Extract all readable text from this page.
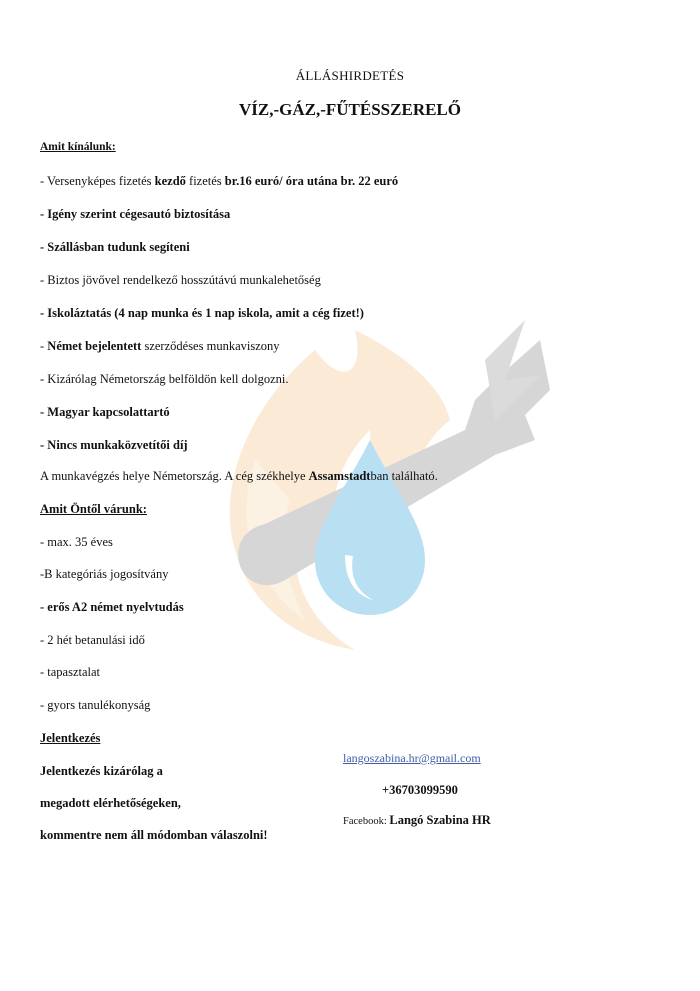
ÁLLÁSHIRDETÉS
VÍZ,-GÁZ,-FŰTÉSSZERELŐ
Amit kínálunk:
- Versenyképes fizetés kezdő fizetés br.16 euró/ óra utána br. 22 euró
- Igény szerint cégesautó biztosítása
- Szállásban tudunk segíteni
- Biztos jövővel rendelkező hosszútávú munkalehetőség
- Iskoláztatás (4 nap munka és 1 nap iskola, amit a cég fizet!)
- Német bejelentett szerződéses munkaviszony
- Kizárólag Németország belföldön kell dolgozni.
- Magyar kapcsolattartó
- Nincs munkaközvetítői díj
A munkavégzés helye Németország. A cég székhelye Assamstadtban található.
Amit Öntől várunk:
- max. 35 éves
-B kategóriás jogosítvány
- erős A2 német nyelvtudás
- 2 hét betanulási idő
- tapasztalat
- gyors tanulékonyság
Jelentkezés
Jelentkezés kizárólag a
megadott elérhetőségeken,
kommentre nem áll módomban válaszolni!
langoszabina.hr@gmail.com
+36703099590
Facebook: Langó Szabina HR
